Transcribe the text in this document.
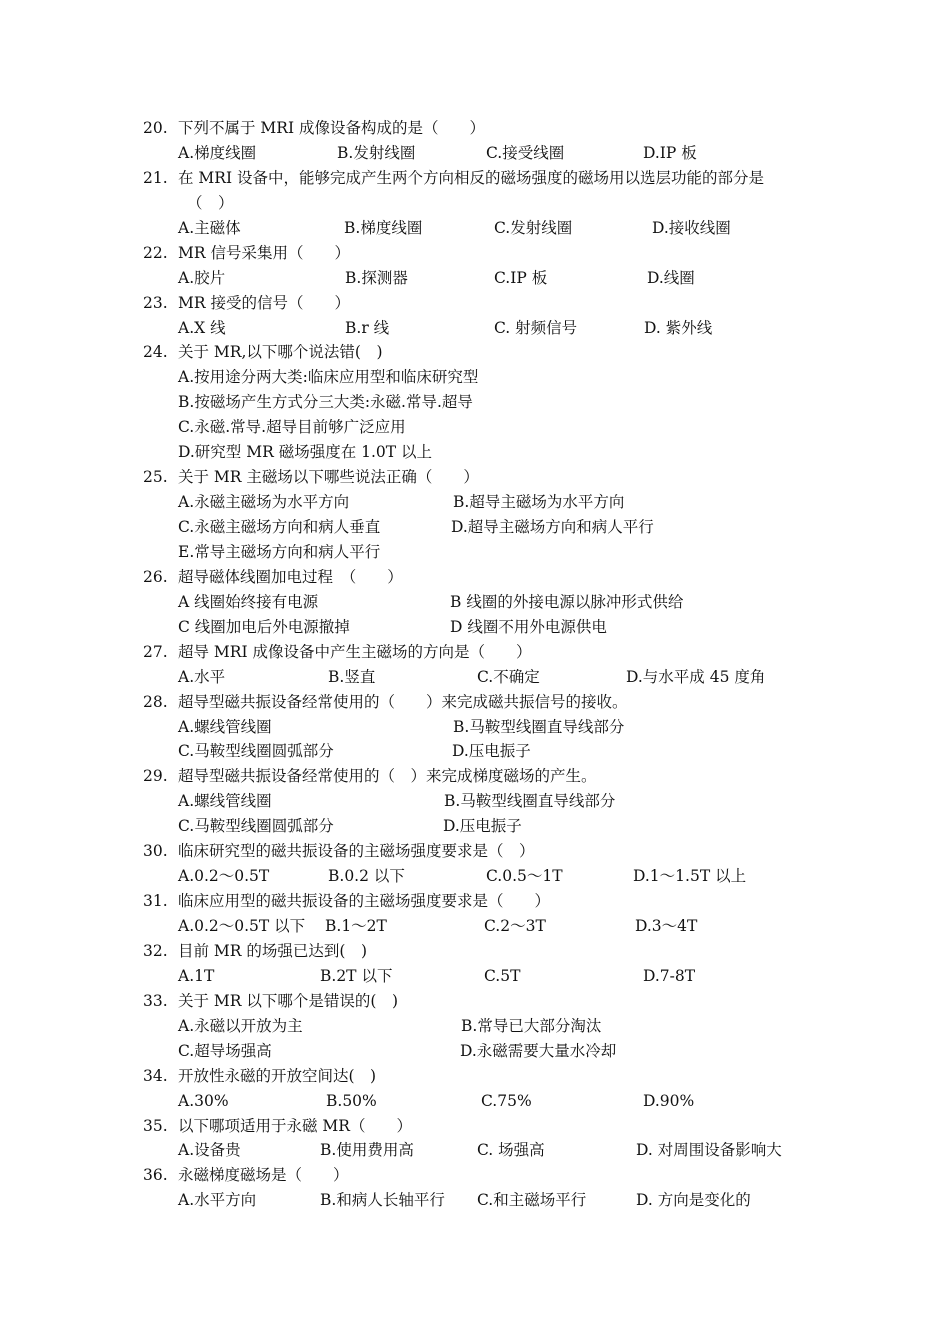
20. 下列不属于 MRI 成像设备构成的是（　　）
A.梯度线圈	B.发射线圈	C.接受线圈	D.IP 板
21. 在 MRI 设备中，能够完成产生两个方向相反的磁场强度的磁场用以选层功能的部分是
（　）
A.主磁体	B.梯度线圈	C.发射线圈	D.接收线圈
22. MR 信号采集用（　　）
A.胶片	B.探测器	C.IP 板	D.线圈
23. MR 接受的信号（　　）
A.X 线	B.r 线	C. 射频信号	D. 紫外线
24. 关于 MR,以下哪个说法错(　)
A.按用途分两大类:临床应用型和临床研究型
B.按磁场产生方式分三大类:永磁.常导.超导
C.永磁.常导.超导目前够广泛应用
D.研究型 MR 磁场强度在 1.0T 以上
25. 关于 MR 主磁场以下哪些说法正确（　　）
A.永磁主磁场为水平方向	B.超导主磁场为水平方向
C.永磁主磁场方向和病人垂直	D.超导主磁场方向和病人平行
E.常导主磁场方向和病人平行
26. 超导磁体线圈加电过程　（　　）
A 线圈始终接有电源	B 线圈的外接电源以脉冲形式供给
C 线圈加电后外电源撤掉	D 线圈不用外电源供电
27. 超导 MRI 成像设备中产生主磁场的方向是（　　）
A.水平	B.竖直	C.不确定	D.与水平成 45 度角
28. 超导型磁共振设备经常使用的（　　）来完成磁共振信号的接收。
A.螺线管线圈	B.马鞍型线圈直导线部分
C.马鞍型线圈圆弧部分	D.压电振子
29. 超导型磁共振设备经常使用的（　）来完成梯度磁场的产生。
A.螺线管线圈	B.马鞍型线圈直导线部分
C.马鞍型线圈圆弧部分	D.压电振子
30. 临床研究型的磁共振设备的主磁场强度要求是（　）
A.0.2～0.5T	B.0.2 以下	C.0.5～1T	D.1～1.5T 以上
31. 临床应用型的磁共振设备的主磁场强度要求是（　　）
A.0.2～0.5T 以下 B.1～2T	C.2～3T	D.3～4T
32. 目前 MR 的场强已达到(　)
A.1T	B.2T 以下	C.5T	D.7-8T
33. 关于 MR 以下哪个是错误的(　)
A.永磁以开放为主	B.常导已大部分淘汰
C.超导场强高	D.永磁需要大量水冷却
34. 开放性永磁的开放空间达(　)
A.30%	B.50%	C.75%	D.90%
35. 以下哪项适用于永磁 MR（　　）
A.设备贵	B.使用费用高	C. 场强高	D. 对周围设备影响大
36. 永磁梯度磁场是（　　）
A.水平方向	B.和病人长轴平行 C.和主磁场平行	D. 方向是变化的
